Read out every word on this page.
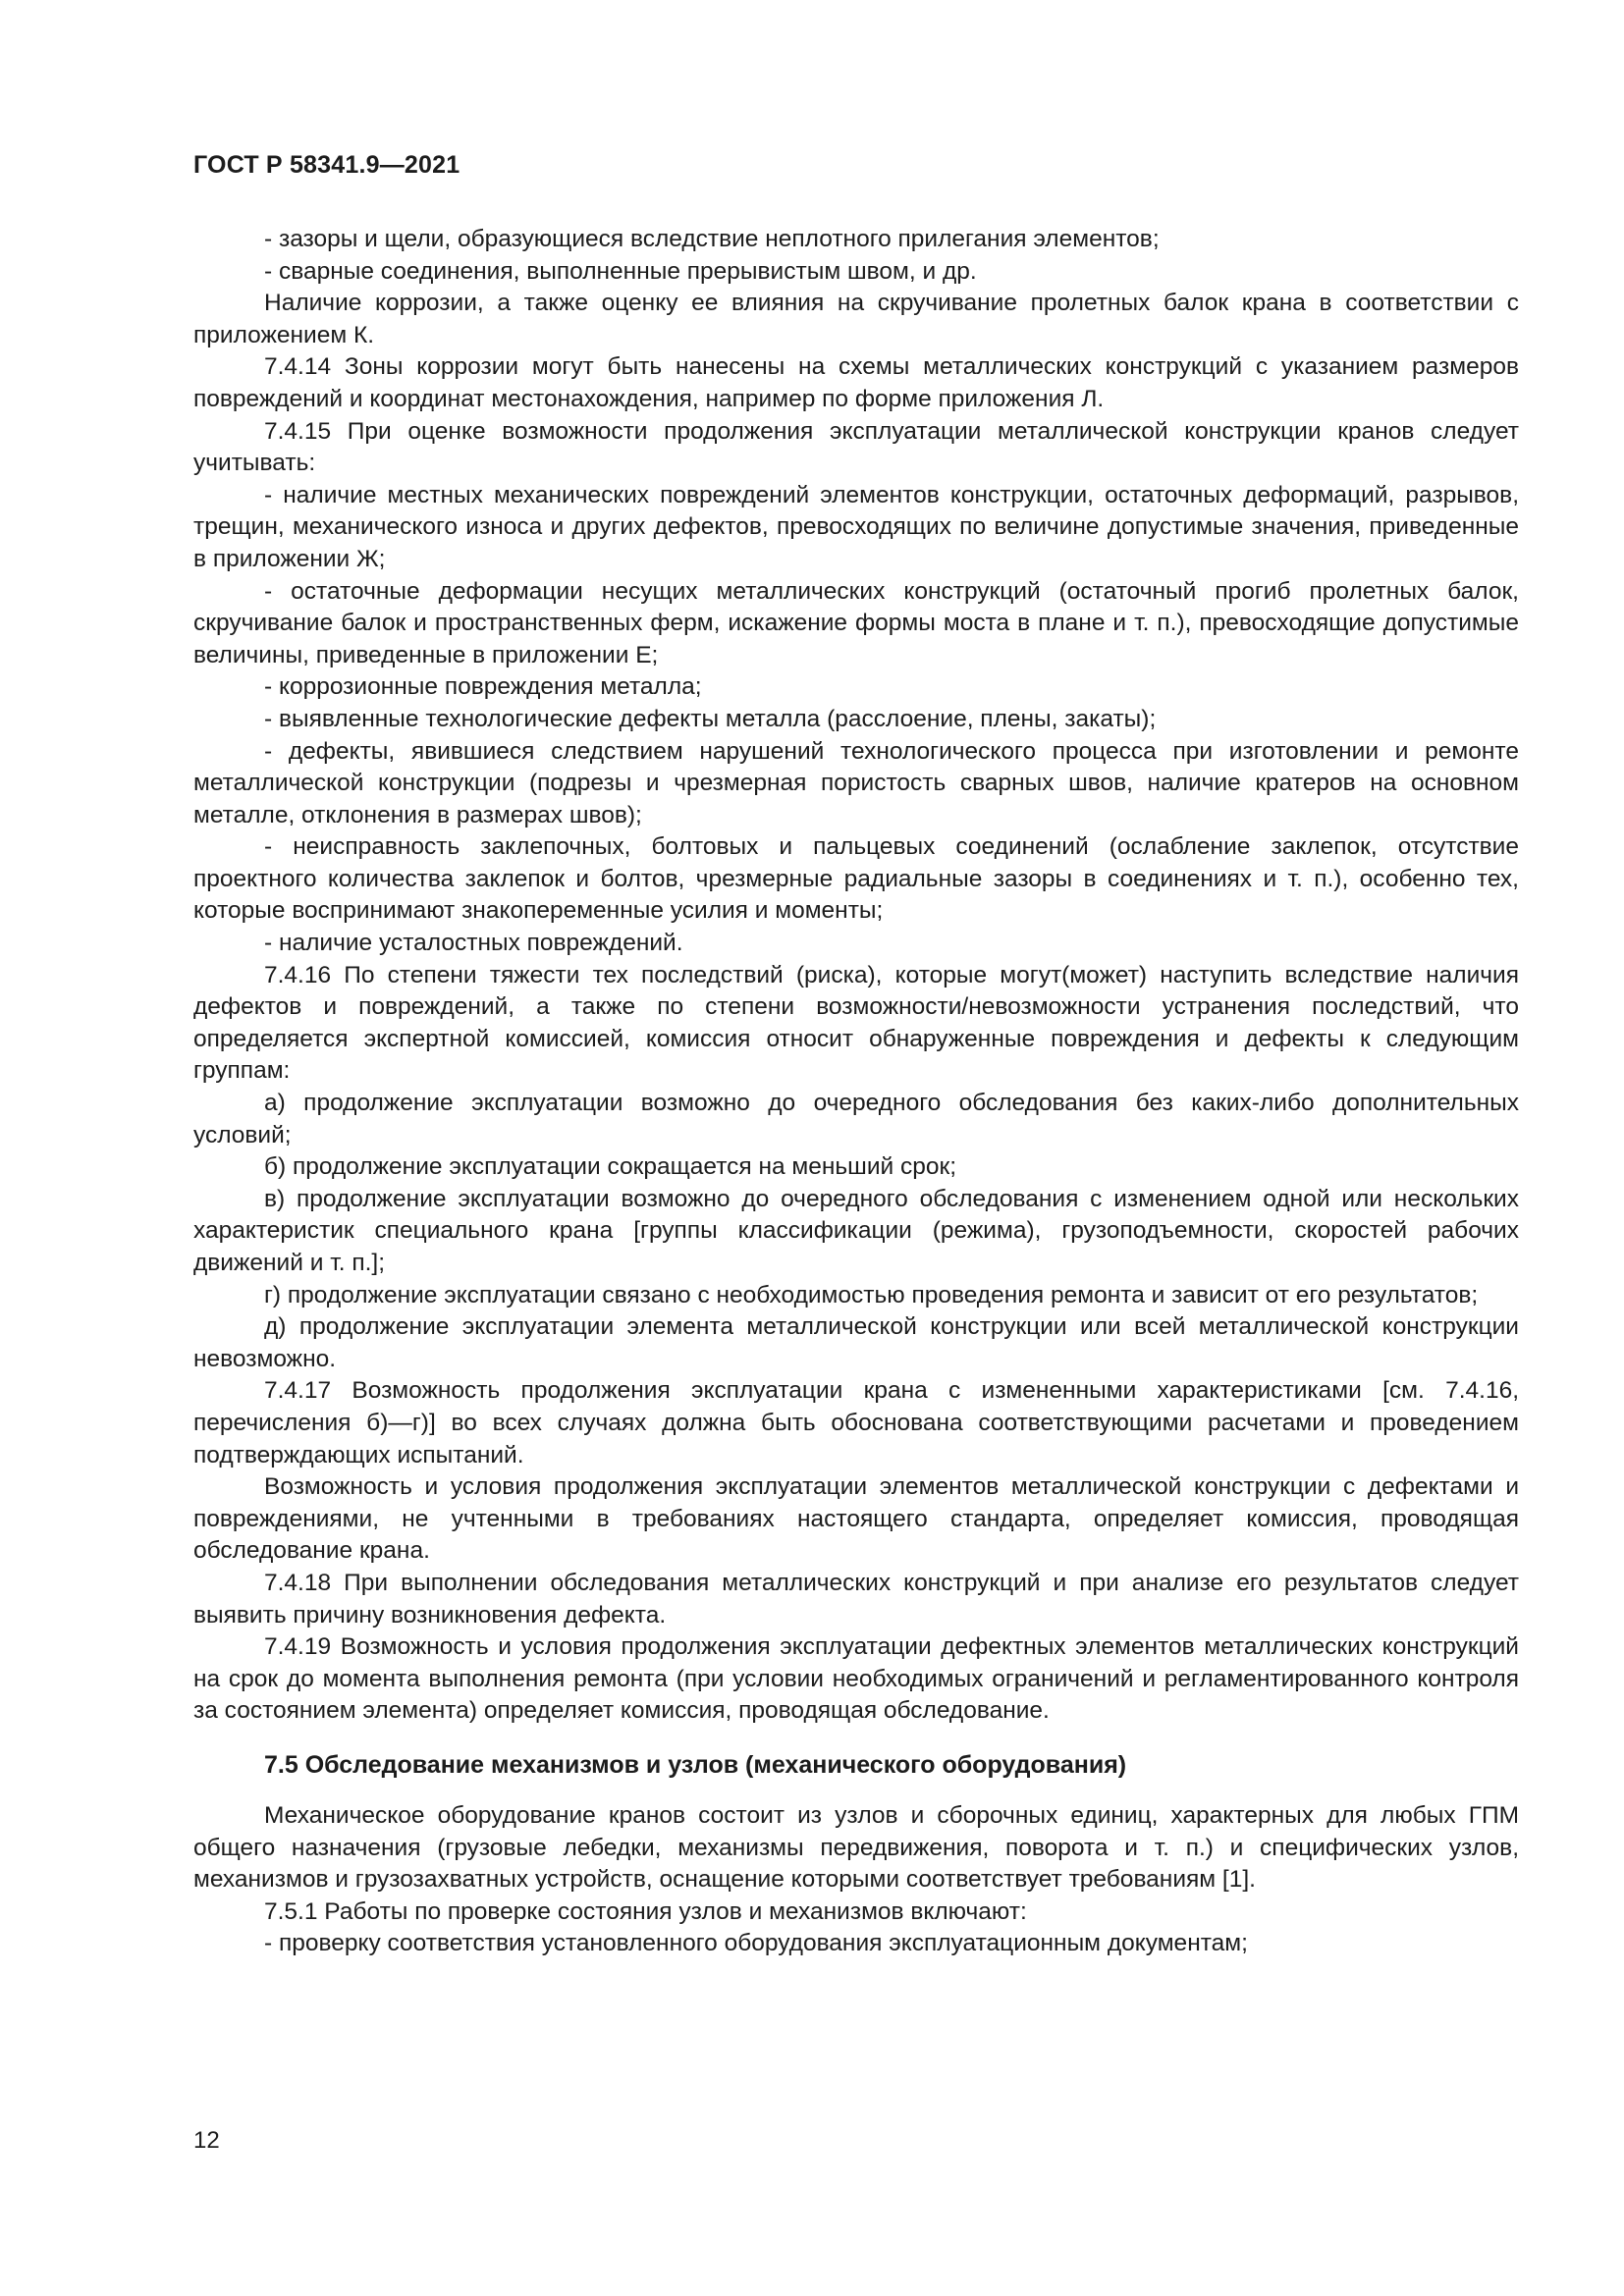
ГОСТ Р 58341.9—2021

- зазоры и щели, образующиеся вследствие неплотного прилегания элементов;

- сварные соединения, выполненные прерывистым швом, и др.

Наличие коррозии, а также оценку ее влияния на скручивание пролетных балок крана в соответствии с приложением К.

7.4.14 Зоны коррозии могут быть нанесены на схемы металлических конструкций с указанием размеров повреждений и координат местонахождения, например по форме приложения Л.

7.4.15 При оценке возможности продолжения эксплуатации металлической конструкции кранов следует учитывать:

- наличие местных механических повреждений элементов конструкции, остаточных деформаций, разрывов, трещин, механического износа и других дефектов, превосходящих по величине допустимые значения, приведенные в приложении Ж;

- остаточные деформации несущих металлических конструкций (остаточный прогиб пролетных балок, скручивание балок и пространственных ферм, искажение формы моста в плане и т. п.), превосходящие допустимые величины, приведенные в приложении Е;

- коррозионные повреждения металла;

- выявленные технологические дефекты металла (расслоение, плены, закаты);

- дефекты, явившиеся следствием нарушений технологического процесса при изготовлении и ремонте металлической конструкции (подрезы и чрезмерная пористость сварных швов, наличие кратеров на основном металле, отклонения в размерах швов);

- неисправность заклепочных, болтовых и пальцевых соединений (ослабление заклепок, отсутствие проектного количества заклепок и болтов, чрезмерные радиальные зазоры в соединениях и т. п.), особенно тех, которые воспринимают знакопеременные усилия и моменты;

- наличие усталостных повреждений.

7.4.16 По степени тяжести тех последствий (риска), которые могут(может) наступить вследствие наличия дефектов и повреждений, а также по степени возможности/невозможности устранения последствий, что определяется экспертной комиссией, комиссия относит обнаруженные повреждения и дефекты к следующим группам:

а) продолжение эксплуатации возможно до очередного обследования без каких-либо дополнительных условий;

б) продолжение эксплуатации сокращается на меньший срок;

в) продолжение эксплуатации возможно до очередного обследования с изменением одной или нескольких характеристик специального крана [группы классификации (режима), грузоподъемности, скоростей рабочих движений и т. п.];

г) продолжение эксплуатации связано с необходимостью проведения ремонта и зависит от его результатов;

д) продолжение эксплуатации элемента металлической конструкции или всей металлической конструкции невозможно.

7.4.17 Возможность продолжения эксплуатации крана с измененными характеристиками [см. 7.4.16, перечисления б)—г)] во всех случаях должна быть обоснована соответствующими расчетами и проведением подтверждающих испытаний.

Возможность и условия продолжения эксплуатации элементов металлической конструкции с дефектами и повреждениями, не учтенными в требованиях настоящего стандарта, определяет комиссия, проводящая обследование крана.

7.4.18 При выполнении обследования металлических конструкций и при анализе его результатов следует выявить причину возникновения дефекта.

7.4.19 Возможность и условия продолжения эксплуатации дефектных элементов металлических конструкций на срок до момента выполнения ремонта (при условии необходимых ограничений и регламентированного контроля за состоянием элемента) определяет комиссия, проводящая обследование.

7.5 Обследование механизмов и узлов (механического оборудования)

Механическое оборудование кранов состоит из узлов и сборочных единиц, характерных для любых ГПМ общего назначения (грузовые лебедки, механизмы передвижения, поворота и т. п.) и специфических узлов, механизмов и грузозахватных устройств, оснащение которыми соответствует требованиям [1].

7.5.1 Работы по проверке состояния узлов и механизмов включают:

- проверку соответствия установленного оборудования эксплуатационным документам;

12
